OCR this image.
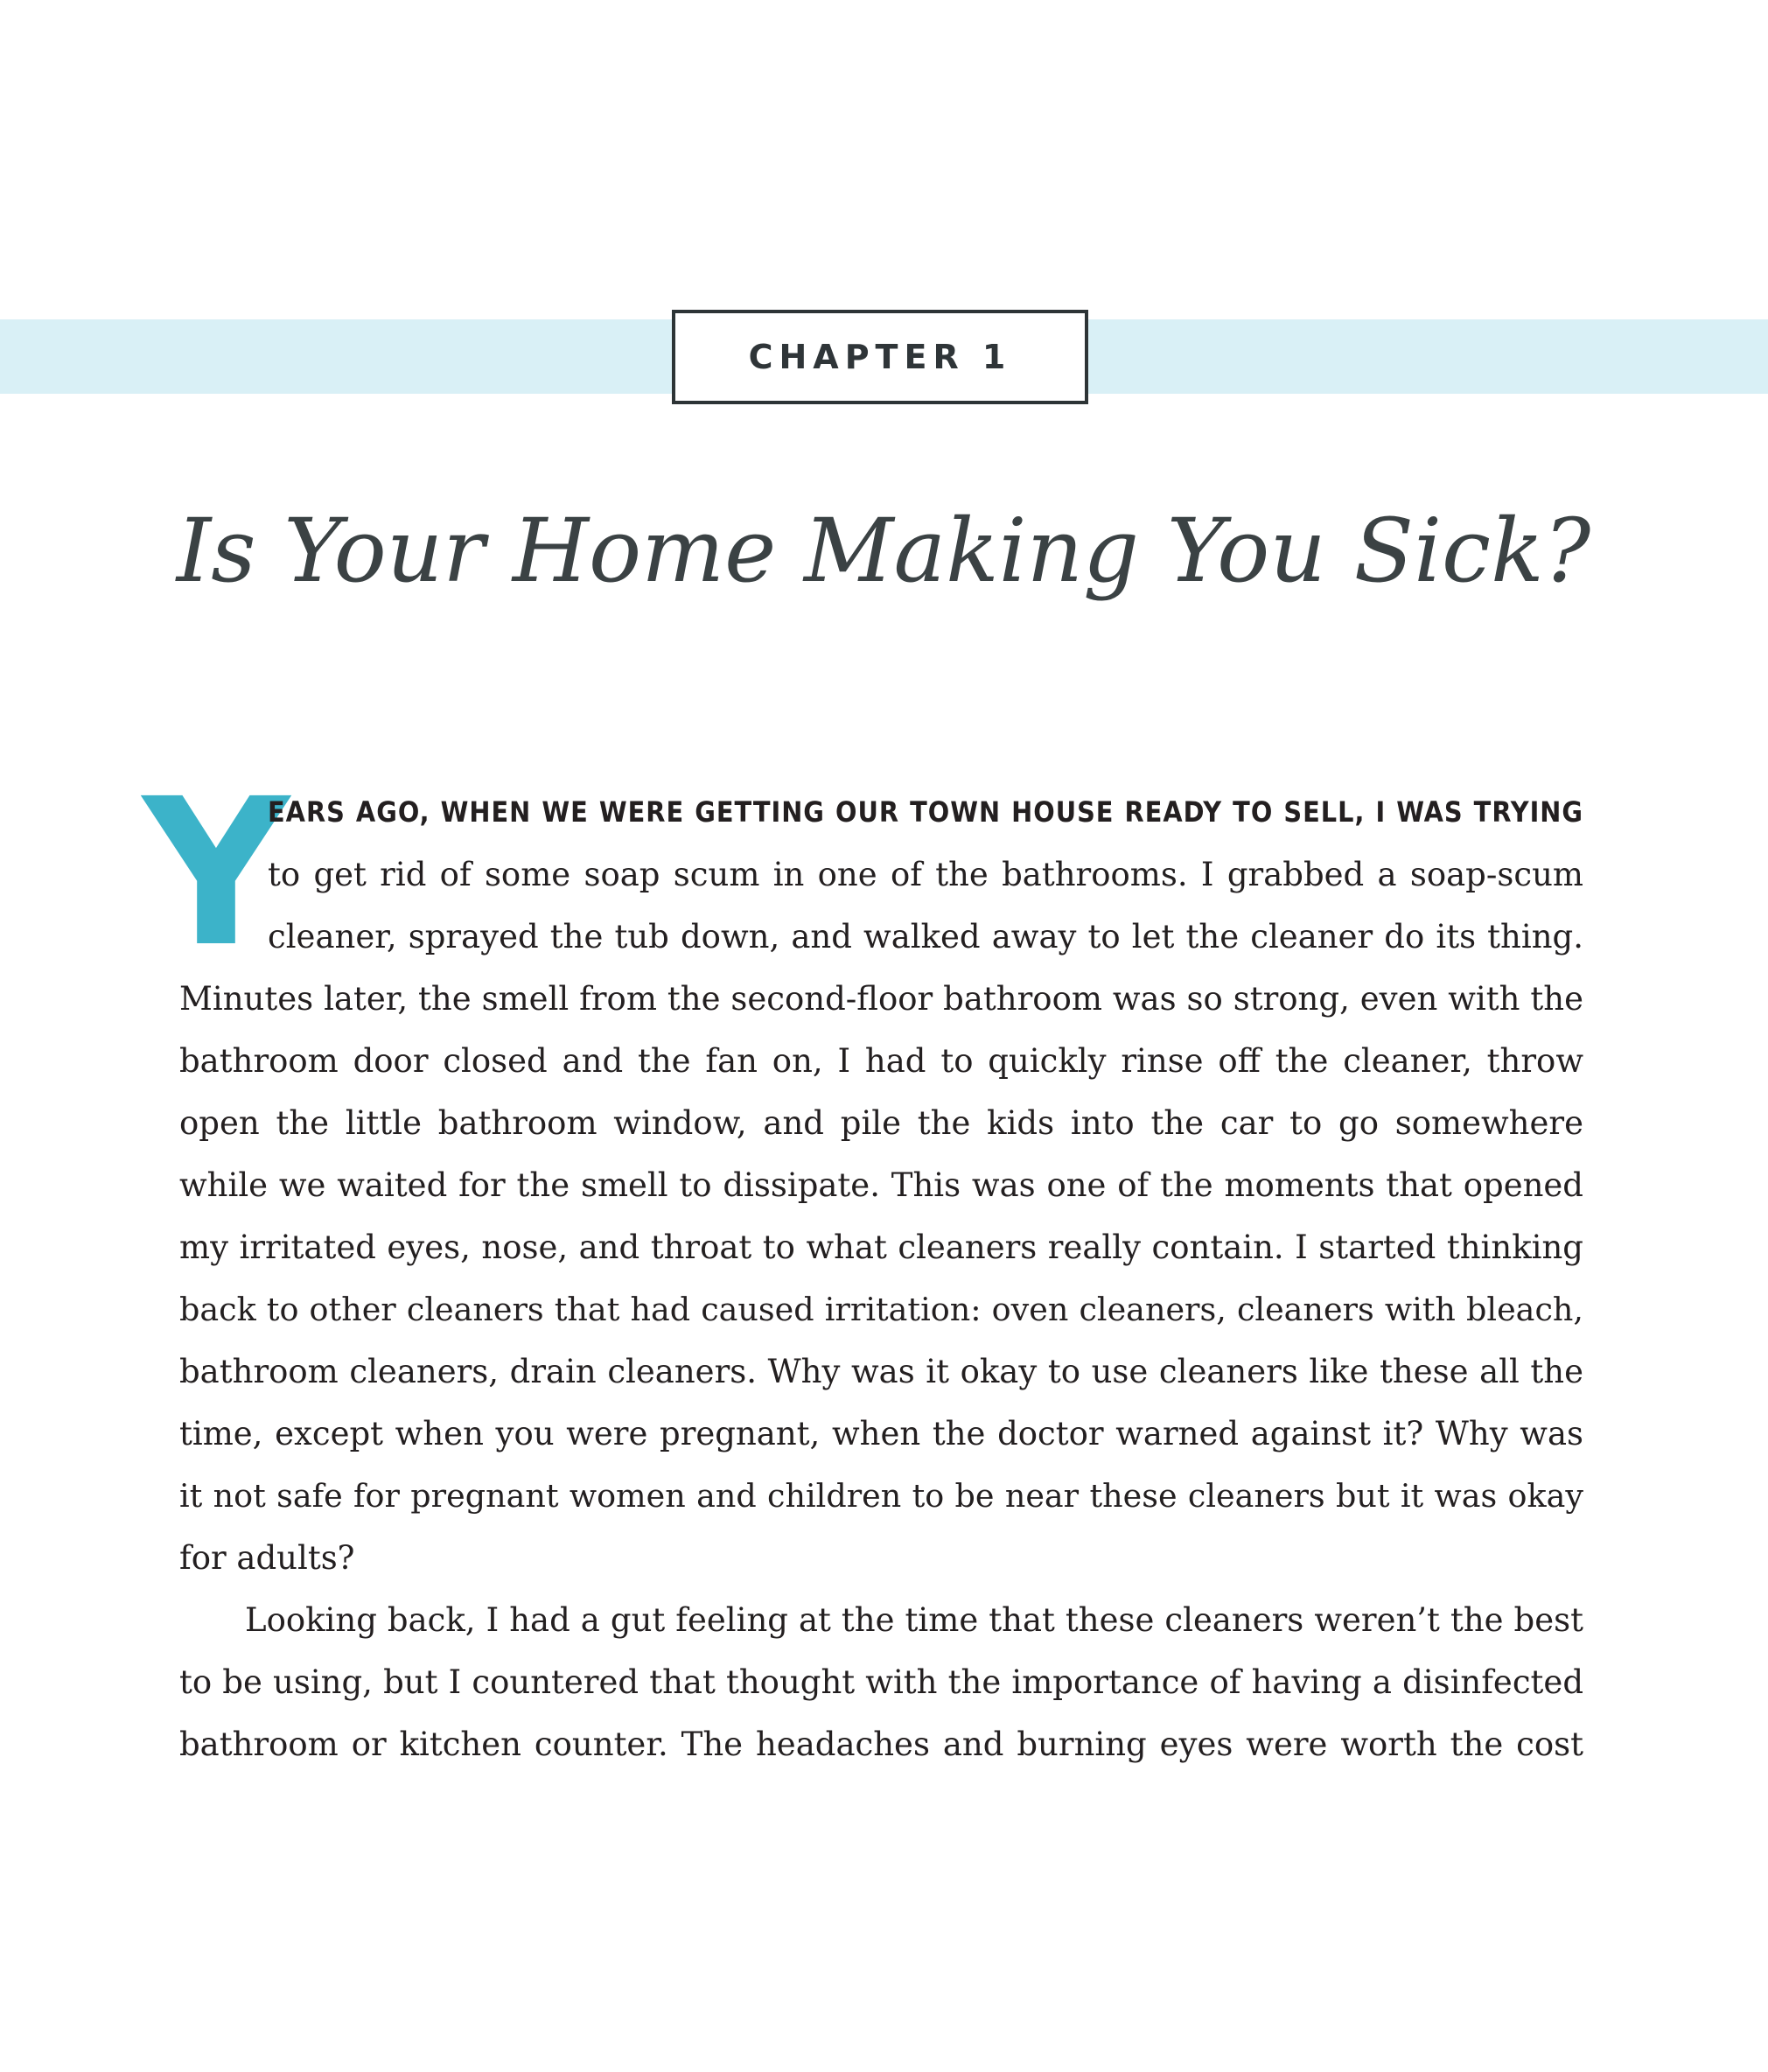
CHAPTER 1
Is Your Home Making You Sick?
Y
EARS AGO, WHEN WE WERE GETTING OUR TOWN HOUSE READY TO SELL, I WAS TRYING
to get rid of some soap scum in one of the bathrooms. I grabbed a soap-scum
cleaner, sprayed the tub down, and walked away to let the cleaner do its thing.
Minutes later, the smell from the second-floor bathroom was so strong, even with the
bathroom door closed and the fan on, I had to quickly rinse off the cleaner, throw
open the little bathroom window, and pile the kids into the car to go somewhere
while we waited for the smell to dissipate. This was one of the moments that opened
my irritated eyes, nose, and throat to what cleaners really contain. I started thinking
back to other cleaners that had caused irritation: oven cleaners, cleaners with bleach,
bathroom cleaners, drain cleaners. Why was it okay to use cleaners like these all the
time, except when you were pregnant, when the doctor warned against it? Why was
it not safe for pregnant women and children to be near these cleaners but it was okay
for adults?
Looking back, I had a gut feeling at the time that these cleaners weren’t the best
to be using, but I countered that thought with the importance of having a disinfected
bathroom or kitchen counter. The headaches and burning eyes were worth the cost
